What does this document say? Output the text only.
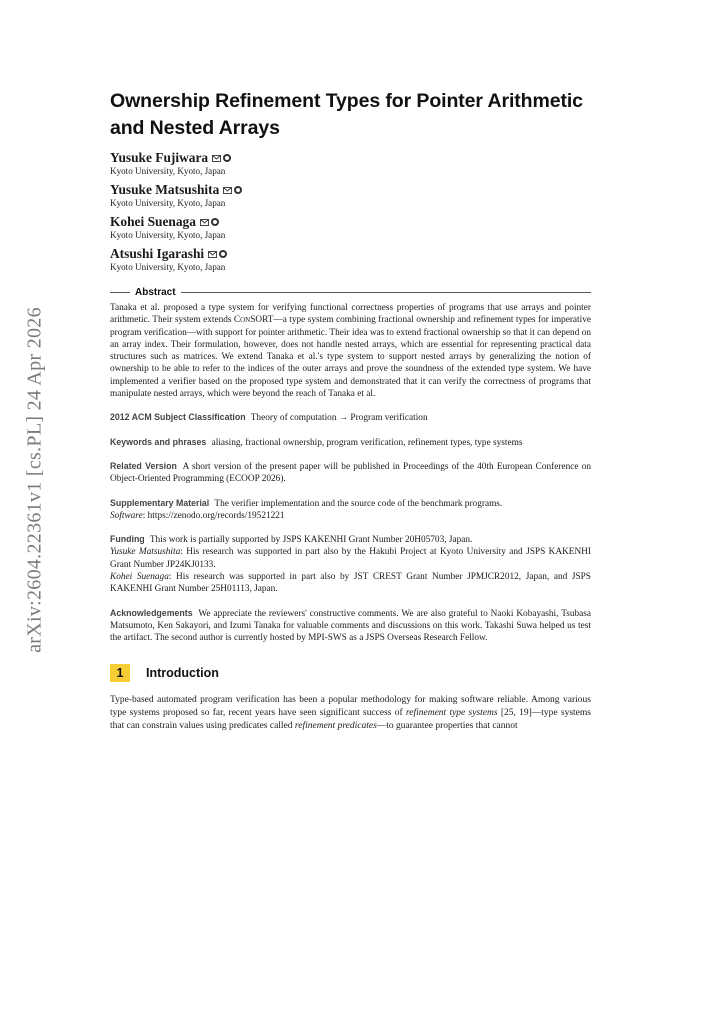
arXiv:2604.22361v1 [cs.PL] 24 Apr 2026
Ownership Refinement Types for Pointer Arithmetic and Nested Arrays
Yusuke Fujiwara
Kyoto University, Kyoto, Japan
Yusuke Matsushita
Kyoto University, Kyoto, Japan
Kohei Suenaga
Kyoto University, Kyoto, Japan
Atsushi Igarashi
Kyoto University, Kyoto, Japan
Abstract

Tanaka et al. proposed a type system for verifying functional correctness properties of programs that use arrays and pointer arithmetic. Their system extends ConSORT—a type system combining fractional ownership and refinement types for imperative program verification—with support for pointer arithmetic. Their idea was to extend fractional ownership so that it can depend on an array index. Their formulation, however, does not handle nested arrays, which are essential for representing practical data structures such as matrices. We extend Tanaka et al.'s type system to support nested arrays by generalizing the notion of ownership to be able to refer to the indices of the outer arrays and prove the soundness of the extended type system. We have implemented a verifier based on the proposed type system and demonstrated that it can verify the correctness of programs that manipulate nested arrays, which were beyond the reach of Tanaka et al.

2012 ACM Subject Classification Theory of computation → Program verification

Keywords and phrases aliasing, fractional ownership, program verification, refinement types, type systems

Related Version A short version of the present paper will be published in Proceedings of the 40th European Conference on Object-Oriented Programming (ECOOP 2026).

Supplementary Material The verifier implementation and the source code of the benchmark programs.

Software: https://zenodo.org/records/19521221

Funding This work is partially supported by JSPS KAKENHI Grant Number 20H05703, Japan.

Yusuke Matsushita: His research was supported in part also by the Hakubi Project at Kyoto University and JSPS KAKENHI Grant Number JP24KJ0133.

Kohei Suenaga: His research was supported in part also by JST CREST Grant Number JPMJCR2012, Japan, and JSPS KAKENHI Grant Number 25H01113, Japan.

Acknowledgements We appreciate the reviewers' constructive comments. We are also grateful to Naoki Kobayashi, Tsubasa Matsumoto, Ken Sakayori, and Izumi Tanaka for valuable comments and discussions on this work. Takashi Suwa helped us test the artifact. The second author is currently hosted by MPI-SWS as a JSPS Overseas Research Fellow.

1	Introduction

Type-based automated program verification has been a popular methodology for making software reliable. Among various type systems proposed so far, recent years have seen significant success of refinement type systems [25, 19]—type systems that can constrain values using predicates called refinement predicates—to guarantee properties that cannot
